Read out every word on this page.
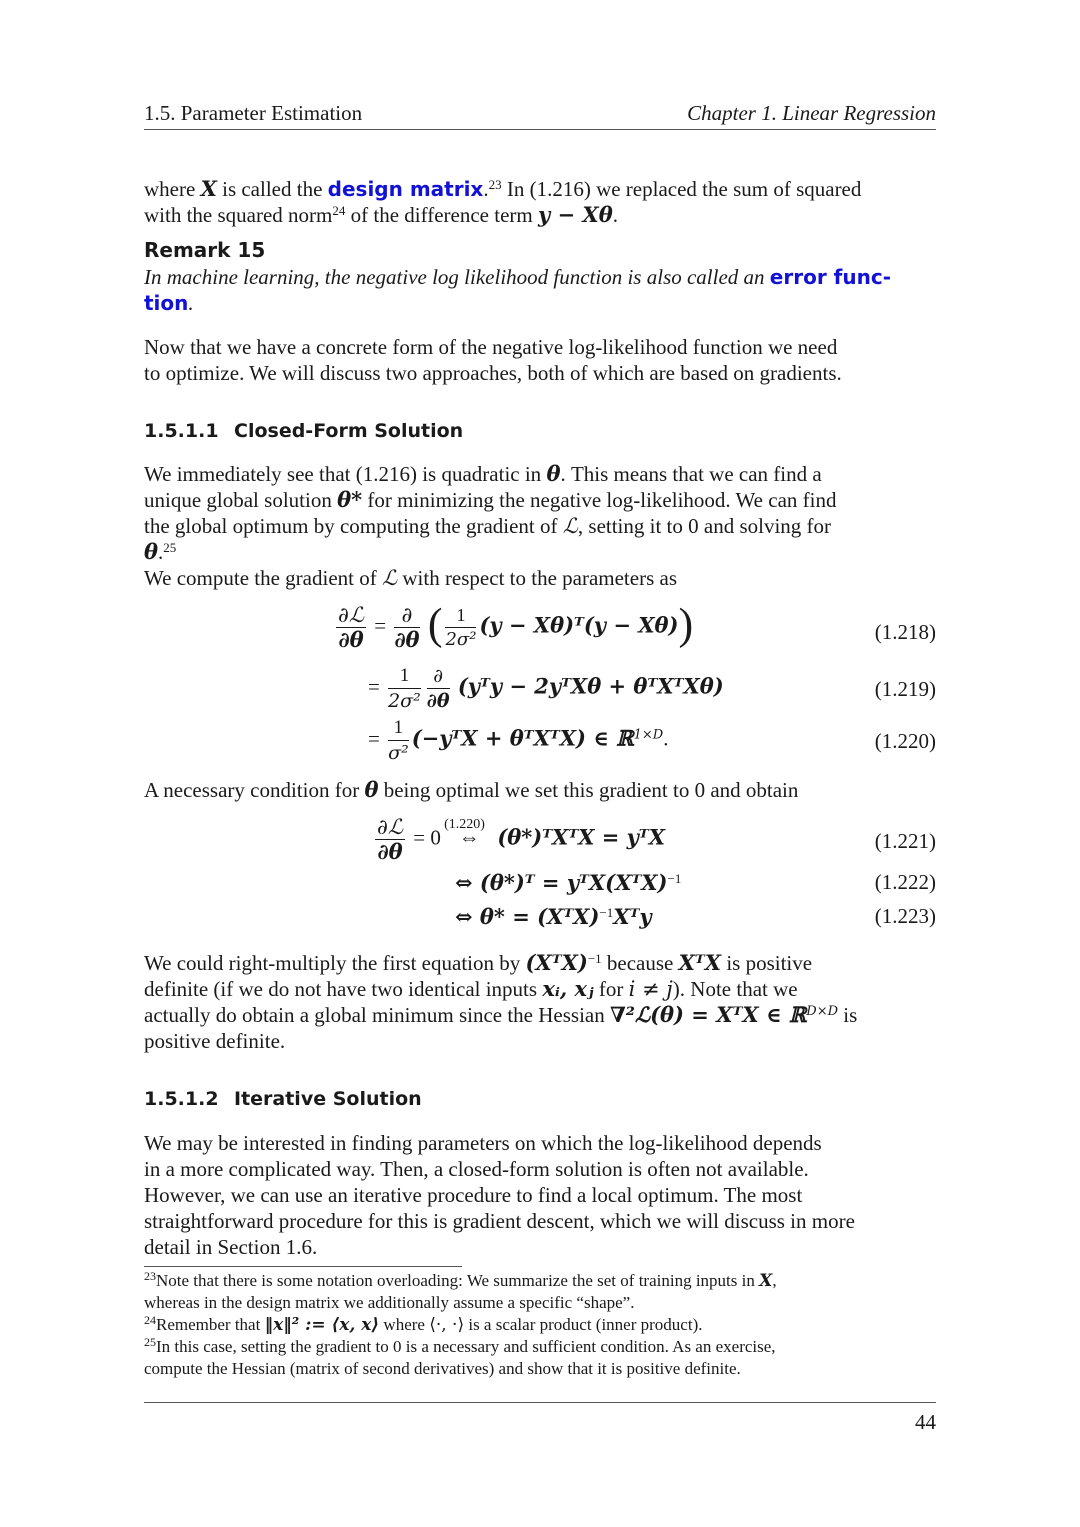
1.5. Parameter Estimation	Chapter 1. Linear Regression
where X is called the design matrix.$^{23}$ In (1.216) we replaced the sum of squared
with the squared norm$^{24}$ of the difference term y − Xθ.
Remark 15
In machine learning, the negative log likelihood function is also called an error func-
tion.
Now that we have a concrete form of the negative log-likelihood function we need
to optimize. We will discuss two approaches, both of which are based on gradients.
1.5.1.1 Closed-Form Solution
We immediately see that (1.216) is quadratic in θ. This means that we can find a
unique global solution θ* for minimizing the negative log-likelihood. We can find
the global optimum by computing the gradient of ℒ, setting it to 0 and solving for
θ.$^{25}$
We compute the gradient of ℒ with respect to the parameters as
$\frac{\text{∂ℒ}}{\partial\theta} = \frac{\partial}{\partial\theta}$ ( $\frac{1}{\text{2σ²}} (y$ − Xθ)ᵀ(y − Xθ))	(1.218)
= $\frac{1}{\text{2σ²}} \frac{\partial}{\partial\theta}$ (yᵀy − 2yᵀXθ + θᵀXᵀXθ)	(1.219)
= $\frac{1}{\text{σ²}}$ (−yᵀX + θᵀXᵀX) ∈ ℝ$^{1\times D}$.	(1.220)
A necessary condition for θ being optimal we set this gradient to 0 and obtain
$\frac{\text{∂ℒ}}{\partial\theta} = 0$
(1.220)
⇔ (θ*)ᵀXᵀX = yᵀX	(1.221)
⇔ (θ*)ᵀ = yᵀX(XᵀX)$^{-1}$	(1.222)
⇔ θ* = (XᵀX)$^{-1}$Xᵀy	(1.223)
We could right-multiply the first equation by (XᵀX)$^{-1}$ because XᵀX is positive
definite (if we do not have two identical inputs xᵢ, xⱼ for i ≠ j). Note that we
actually do obtain a global minimum since the Hessian ∇²ℒ(θ) = XᵀX ∈ ℝ$^{D\times D}$ is
positive definite.
1.5.1.2 Iterative Solution
We may be interested in finding parameters on which the log-likelihood depends
in a more complicated way. Then, a closed-form solution is often not available.
However, we can use an iterative procedure to find a local optimum. The most
straightforward procedure for this is gradient descent, which we will discuss in more
detail in Section 1.6.
$^{23}$Note that there is some notation overloading: We summarize the set of training inputs in X,
whereas in the design matrix we additionally assume a specific “shape”.
$^{24}$Remember that ‖x‖² := ⟨x, x⟩ where ⟨·, ·⟩ is a scalar product (inner product).
$^{25}$In this case, setting the gradient to 0 is a necessary and sufficient condition. As an exercise,
compute the Hessian (matrix of second derivatives) and show that it is positive definite.
44
